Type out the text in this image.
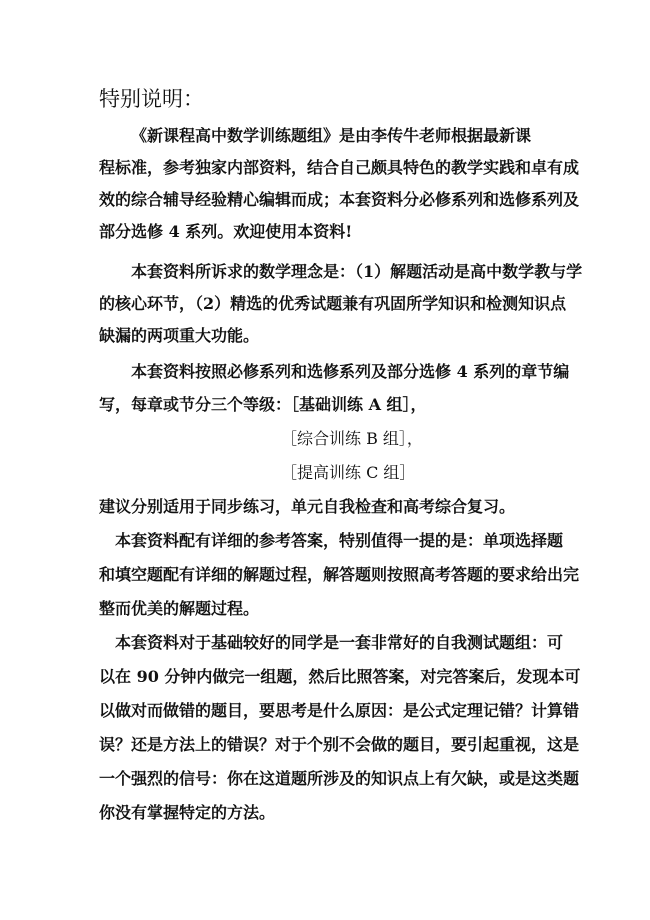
特别说明：
《新课程高中数学训练题组》是由李传牛老师根据最新课
程标准，参考独家内部资料，结合自己颇具特色的教学实践和卓有成
效的综合辅导经验精心编辑而成；本套资料分必修系列和选修系列及
部分选修 4 系列。欢迎使用本资料!
本套资料所诉求的数学理念是：（1）解题活动是高中数学教与学
的核心环节，（2）精选的优秀试题兼有巩固所学知识和检测知识点
缺漏的两项重大功能。
本套资料按照必修系列和选修系列及部分选修 4 系列的章节编
写，每章或节分三个等级：［基础训练 A 组］，
［综合训练 B 组］，
［提高训练 C 组］
建议分别适用于同步练习，单元自我检查和高考综合复习。
本套资料配有详细的参考答案，特别值得一提的是：单项选择题
和填空题配有详细的解题过程，解答题则按照高考答题的要求给出完
整而优美的解题过程。
本套资料对于基础较好的同学是一套非常好的自我测试题组：可
以在 90 分钟内做完一组题，然后比照答案，对完答案后，发现本可
以做对而做错的题目，要思考是什么原因：是公式定理记错？计算错
误？还是方法上的错误？对于个别不会做的题目，要引起重视，这是
一个强烈的信号：你在这道题所涉及的知识点上有欠缺，或是这类题
你没有掌握特定的方法。
